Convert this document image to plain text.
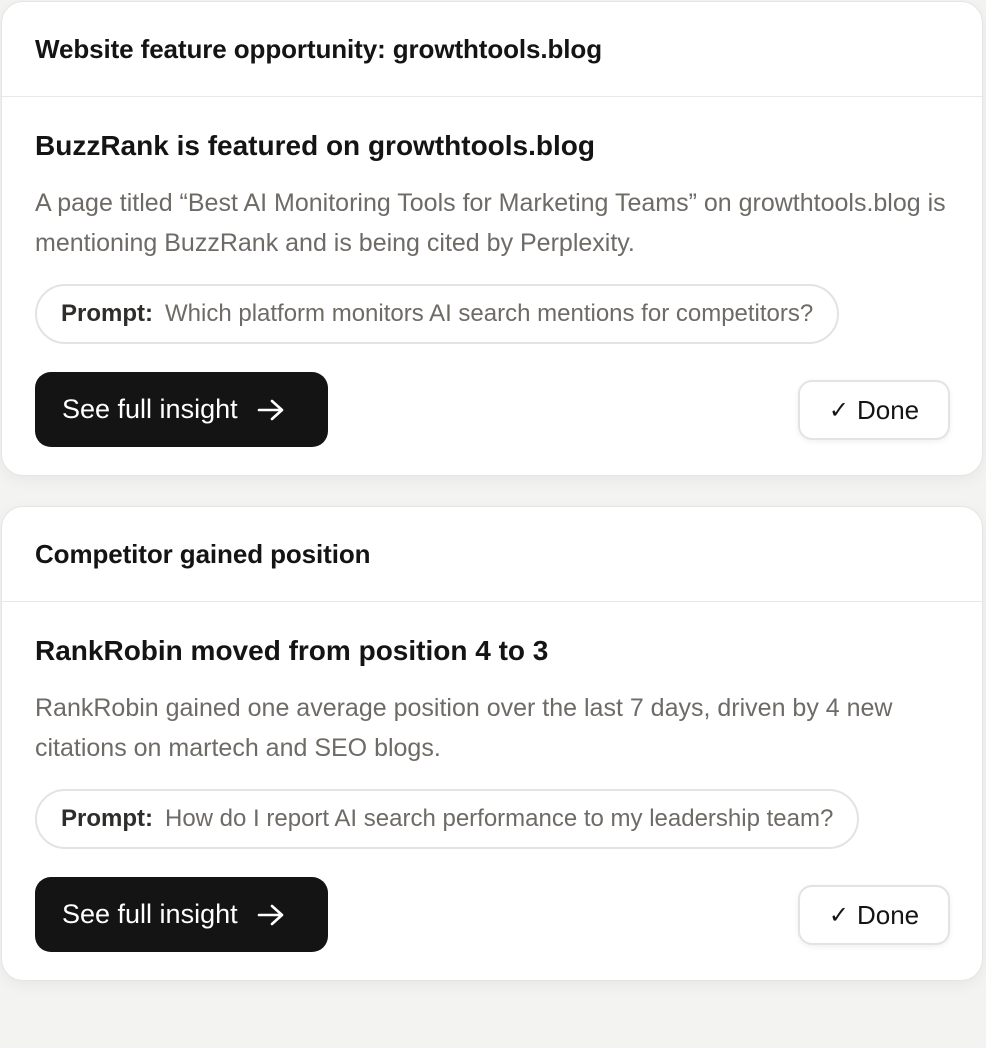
Website feature opportunity: growthtools.blog
BuzzRank is featured on growthtools.blog
A page titled “Best AI Monitoring Tools for Marketing Teams” on growthtools.blog is mentioning BuzzRank and is being cited by Perplexity.
Prompt: Which platform monitors AI search mentions for competitors?
See full insight	✓ Done
Competitor gained position
RankRobin moved from position 4 to 3
RankRobin gained one average position over the last 7 days, driven by 4 new citations on martech and SEO blogs.
Prompt: How do I report AI search performance to my leadership team?
See full insight	✓ Done
